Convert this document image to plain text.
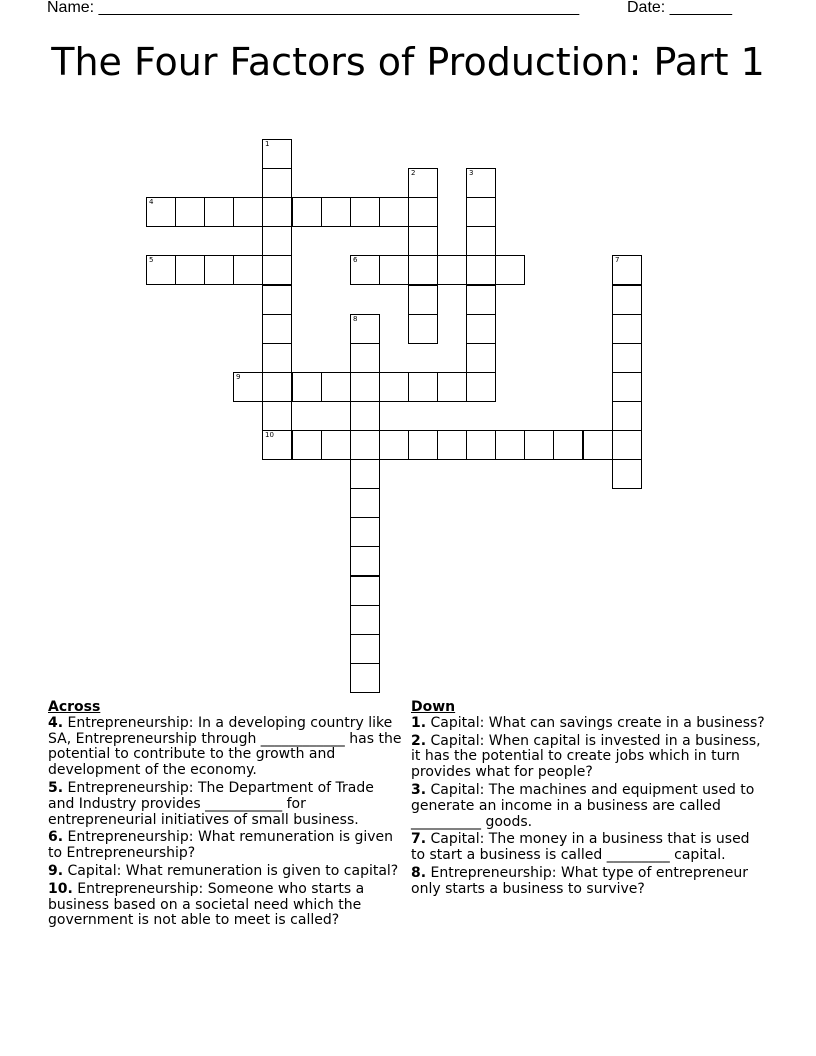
Name: ______________________________________________________	Date: _______
The Four Factors of Production: Part 1
1
10
2	3
4
5	6	7
8
9
Across
4. Entrepreneurship: In a developing country like SA, Entrepreneurship through ____________ has the potential to contribute to the growth and development of the economy.
5. Entrepreneurship: The Department of Trade and Industry provides ___________ for entrepreneurial initiatives of small business.
6. Entrepreneurship: What remuneration is given to Entrepreneurship?
9. Capital: What remuneration is given to capital?
10. Entrepreneurship: Someone who starts a business based on a societal need which the government is not able to meet is called?
Down
1. Capital: What can savings create in a business?
2. Capital: When capital is invested in a business, it has the potential to create jobs which in turn provides what for people?
3. Capital: The machines and equipment used to generate an income in a business are called __________ goods.
7. Capital: The money in a business that is used to start a business is called _________ capital.
8. Entrepreneurship: What type of entrepreneur only starts a business to survive?
